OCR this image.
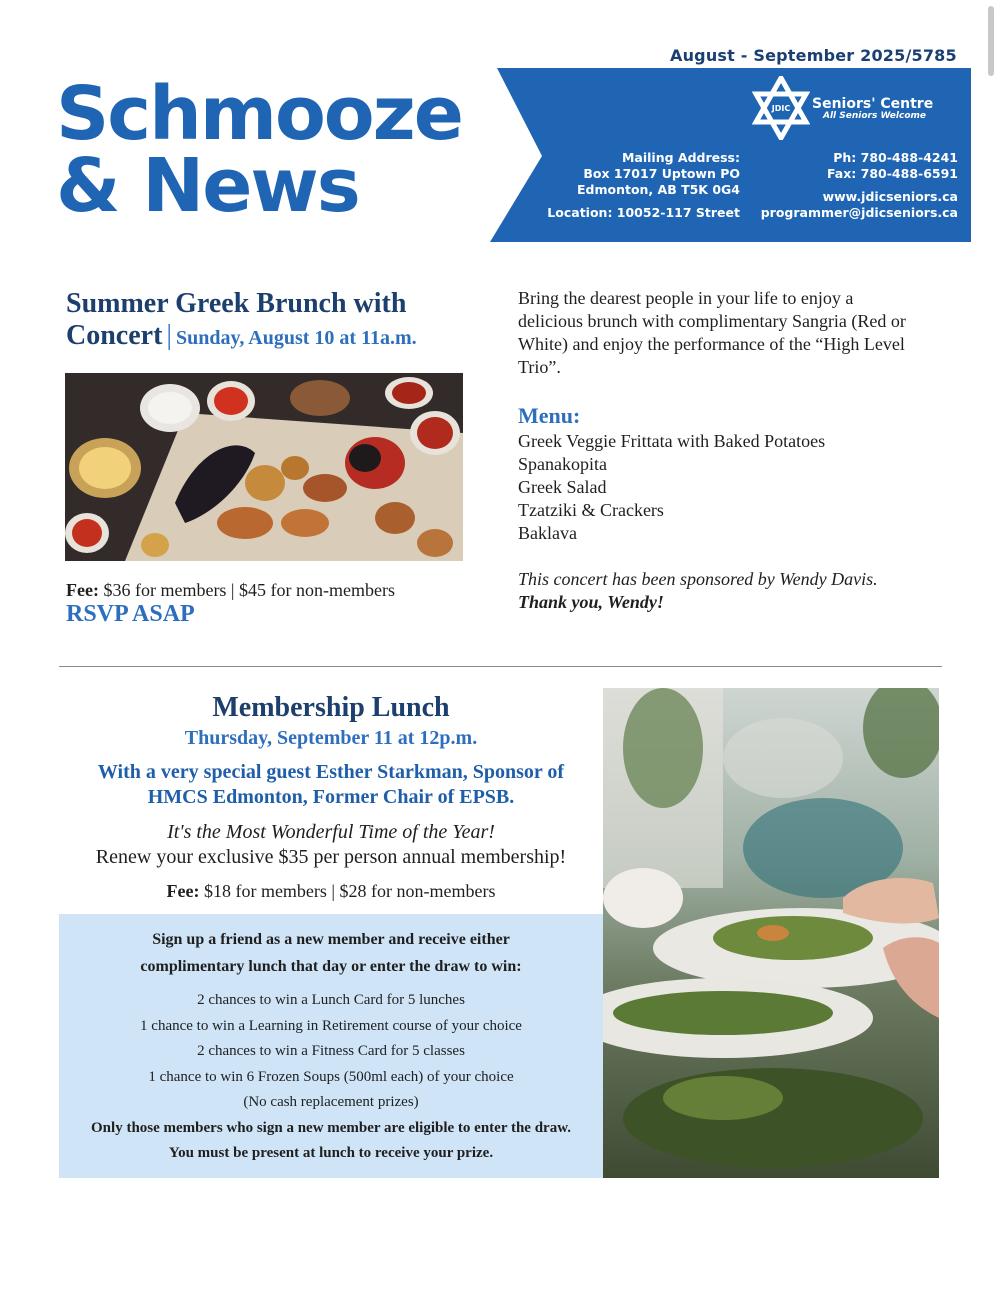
August - September 2025/5785
Schmooze
& News
JDIC Seniors' Centre
All Seniors Welcome
Mailing Address:
Box 17017 Uptown PO
Edmonton, AB T5K 0G4
Location: 10052-117 Street
Ph: 780-488-4241
Fax: 780-488-6591
www.jdicseniors.ca
programmer@jdicseniors.ca
Summer Greek Brunch with
Concert | Sunday, August 10 at 11a.m.
Fee: $36 for members | $45 for non-members
RSVP ASAP
Bring the dearest people in your life to enjoy a delicious brunch with complimentary Sangria (Red or White) and enjoy the performance of the “High Level Trio”.
Menu:
Greek Veggie Frittata with Baked Potatoes
Spanakopita
Greek Salad
Tzatziki & Crackers
Baklava
This concert has been sponsored by Wendy Davis.
Thank you, Wendy!
Membership Lunch
Thursday, September 11 at 12p.m.
With a very special guest Esther Starkman, Sponsor of HMCS Edmonton, Former Chair of EPSB.
It's the Most Wonderful Time of the Year!
Renew your exclusive $35 per person annual membership!
Fee: $18 for members | $28 for non-members
Sign up a friend as a new member and receive either
complimentary lunch that day or enter the draw to win:
2 chances to win a Lunch Card for 5 lunches
1 chance to win a Learning in Retirement course of your choice
2 chances to win a Fitness Card for 5 classes
1 chance to win 6 Frozen Soups (500ml each) of your choice
(No cash replacement prizes)
Only those members who sign a new member are eligible to enter the draw.
You must be present at lunch to receive your prize.
